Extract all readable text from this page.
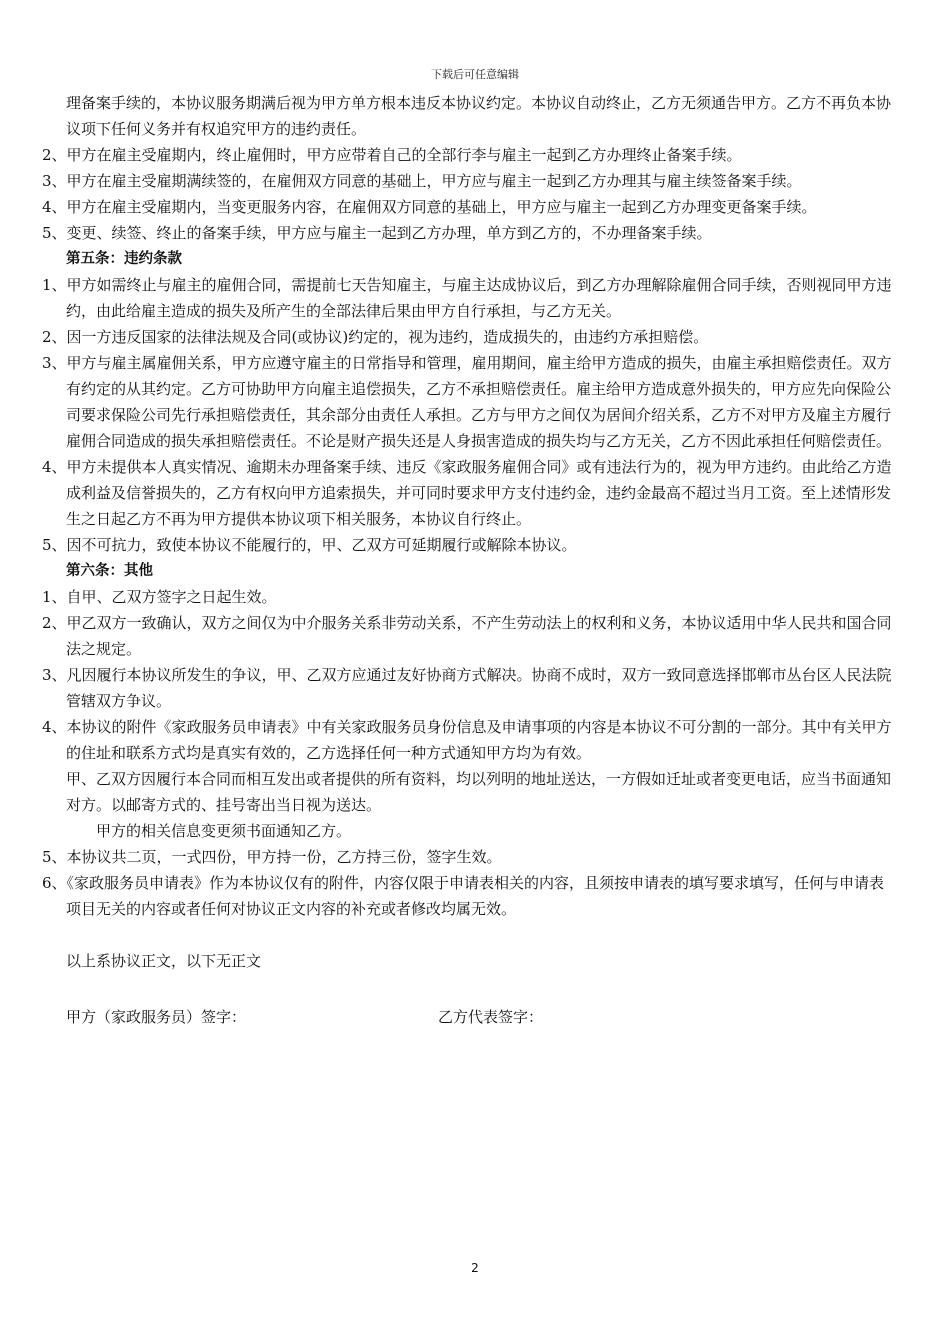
下载后可任意编辑

理备案手续的，本协议服务期满后视为甲方单方根本违反本协议约定。本协议自动终止，乙方无须通告甲方。乙方不再负本协议项下任何义务并有权追究甲方的违约责任。

2、甲方在雇主受雇期内，终止雇佣时，甲方应带着自己的全部行李与雇主一起到乙方办理终止备案手续。

3、甲方在雇主受雇期满续签的，在雇佣双方同意的基础上，甲方应与雇主一起到乙方办理其与雇主续签备案手续。

4、甲方在雇主受雇期内，当变更服务内容，在雇佣双方同意的基础上，甲方应与雇主一起到乙方办理变更备案手续。

5、变更、续签、终止的备案手续，甲方应与雇主一起到乙方办理，单方到乙方的，不办理备案手续。

第五条：违约条款

1、甲方如需终止与雇主的雇佣合同，需提前七天告知雇主，与雇主达成协议后，到乙方办理解除雇佣合同手续，否则视同甲方违约，由此给雇主造成的损失及所产生的全部法律后果由甲方自行承担，与乙方无关。

2、因一方违反国家的法律法规及合同(或协议)约定的，视为违约，造成损失的，由违约方承担赔偿。

3、甲方与雇主属雇佣关系，甲方应遵守雇主的日常指导和管理，雇用期间，雇主给甲方造成的损失，由雇主承担赔偿责任。双方有约定的从其约定。乙方可协助甲方向雇主追偿损失，乙方不承担赔偿责任。雇主给甲方造成意外损失的，甲方应先向保险公司要求保险公司先行承担赔偿责任，其余部分由责任人承担。乙方与甲方之间仅为居间介绍关系，乙方不对甲方及雇主方履行雇佣合同造成的损失承担赔偿责任。不论是财产损失还是人身损害造成的损失均与乙方无关，乙方不因此承担任何赔偿责任。

4、甲方未提供本人真实情况、逾期未办理备案手续、违反《家政服务雇佣合同》或有违法行为的，视为甲方违约。由此给乙方造成利益及信誉损失的，乙方有权向甲方追索损失，并可同时要求甲方支付违约金，违约金最高不超过当月工资。至上述情形发生之日起乙方不再为甲方提供本协议项下相关服务，本协议自行终止。

5、因不可抗力，致使本协议不能履行的，甲、乙双方可延期履行或解除本协议。

第六条：其他

1、自甲、乙双方签字之日起生效。

2、甲乙双方一致确认，双方之间仅为中介服务关系非劳动关系，不产生劳动法上的权利和义务，本协议适用中华人民共和国合同法之规定。

3、凡因履行本协议所发生的争议，甲、乙双方应通过友好协商方式解决。协商不成时，双方一致同意选择邯郸市丛台区人民法院管辖双方争议。

4、本协议的附件《家政服务员申请表》中有关家政服务员身份信息及申请事项的内容是本协议不可分割的一部分。其中有关甲方的住址和联系方式均是真实有效的，乙方选择任何一种方式通知甲方均为有效。

甲、乙双方因履行本合同而相互发出或者提供的所有资料，均以列明的地址送达，一方假如迁址或者变更电话，应当书面通知对方。以邮寄方式的、挂号寄出当日视为送达。

甲方的相关信息变更须书面通知乙方。

5、本协议共二页，一式四份，甲方持一份，乙方持三份，签字生效。

6、《家政服务员申请表》作为本协议仅有的附件，内容仅限于申请表相关的内容，且须按申请表的填写要求填写，任何与申请表项目无关的内容或者任何对协议正文内容的补充或者修改均属无效。

以上系协议正文，以下无正文

甲方（家政服务员）签字：	乙方代表签字：
2
